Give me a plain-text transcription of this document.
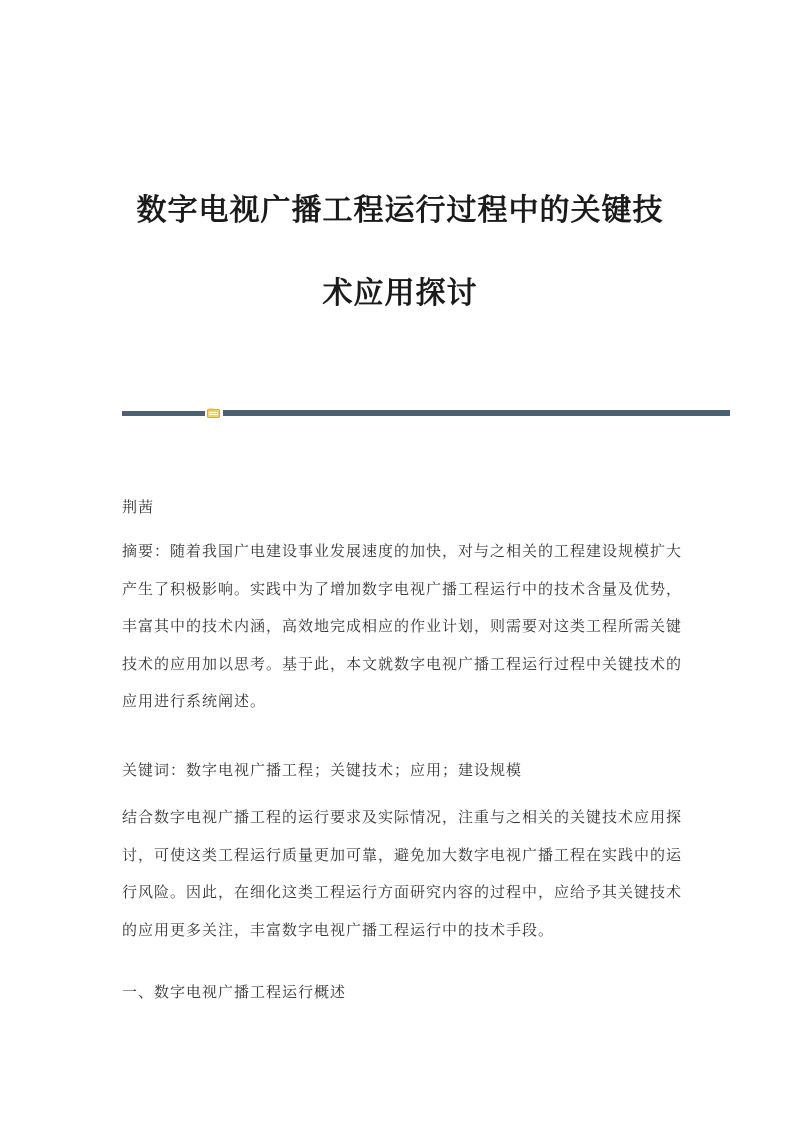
数字电视广播工程运行过程中的关键技
术应用探讨

荆茜

摘要：随着我国广电建设事业发展速度的加快，对与之相关的工程建设规模扩大产生了积极影响。实践中为了增加数字电视广播工程运行中的技术含量及优势，丰富其中的技术内涵，高效地完成相应的作业计划，则需要对这类工程所需关键技术的应用加以思考。基于此，本文就数字电视广播工程运行过程中关键技术的应用进行系统阐述。

关键词：数字电视广播工程；关键技术；应用；建设规模

结合数字电视广播工程的运行要求及实际情况，注重与之相关的关键技术应用探讨，可使这类工程运行质量更加可靠，避免加大数字电视广播工程在实践中的运行风险。因此，在细化这类工程运行方面研究内容的过程中，应给予其关键技术的应用更多关注，丰富数字电视广播工程运行中的技术手段。

一、数字电视广播工程运行概述
